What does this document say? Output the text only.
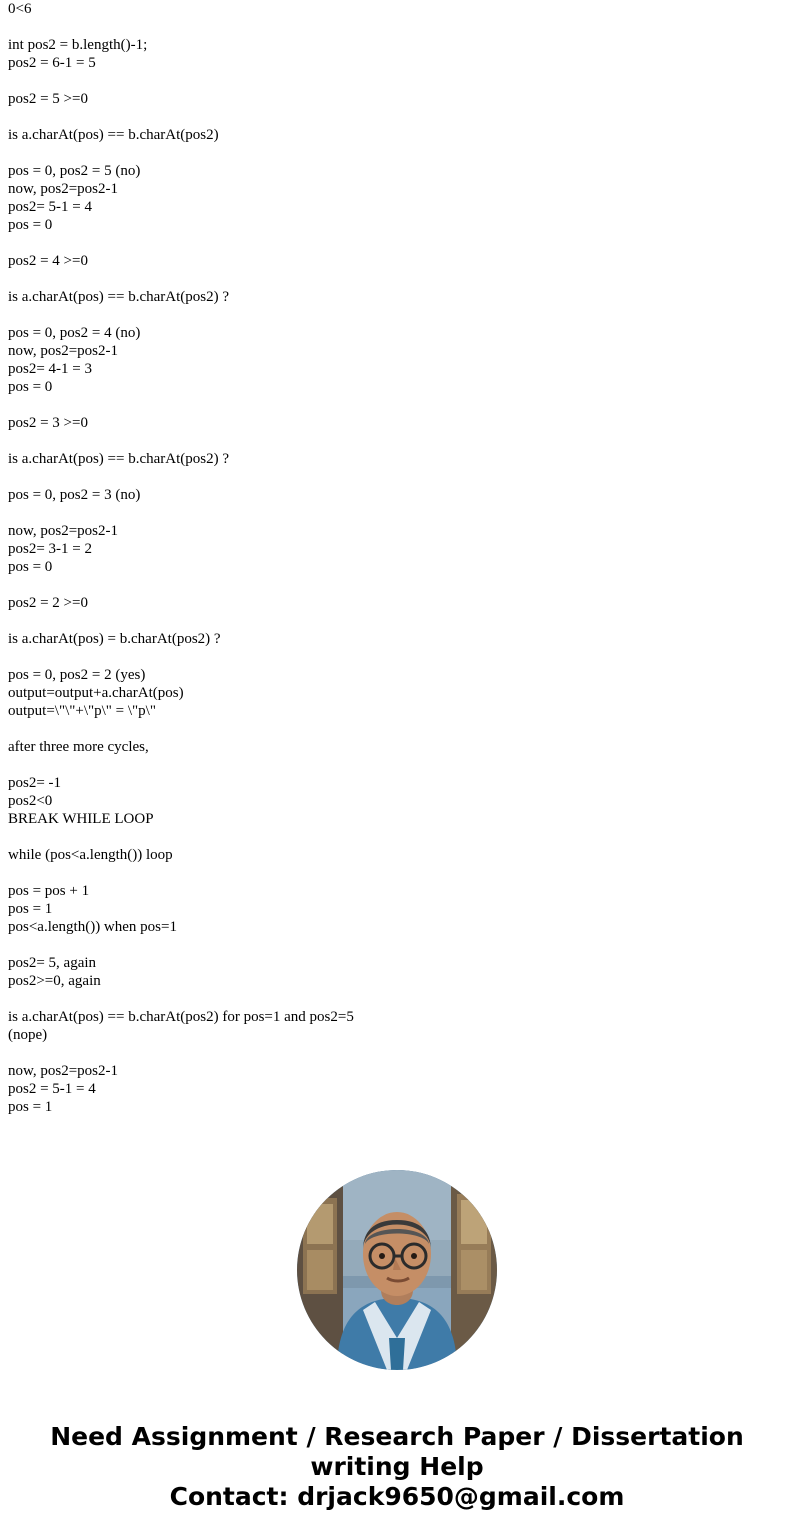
0<6
int pos2 = b.length()-1;
pos2 = 6-1 = 5
pos2 = 5 >=0
is a.charAt(pos) == b.charAt(pos2)
pos = 0, pos2 = 5 (no)
now, pos2=pos2-1
pos2= 5-1 = 4
pos = 0
pos2 = 4 >=0
is a.charAt(pos) == b.charAt(pos2) ?
pos = 0, pos2 = 4 (no)
now, pos2=pos2-1
pos2= 4-1 = 3
pos = 0
pos2 = 3 >=0
is a.charAt(pos) == b.charAt(pos2) ?
pos = 0, pos2 = 3 (no)
now, pos2=pos2-1
pos2= 3-1 = 2
pos = 0
pos2 = 2 >=0
is a.charAt(pos) = b.charAt(pos2) ?
pos = 0, pos2 = 2 (yes)
output=output+a.charAt(pos)
output=\"\"+\"p\" = \"p\"
after three more cycles,
pos2= -1
pos2<0
BREAK WHILE LOOP
while (pos<a.length()) loop
pos = pos + 1
pos = 1
pos<a.length()) when pos=1
pos2= 5, again
pos2>=0, again
is a.charAt(pos) == b.charAt(pos2) for pos=1 and pos2=5
(nope)
now, pos2=pos2-1
pos2 = 5-1 = 4
pos = 1
Need Assignment / Research Paper / Dissertation writing Help
Contact: drjack9650@gmail.com
